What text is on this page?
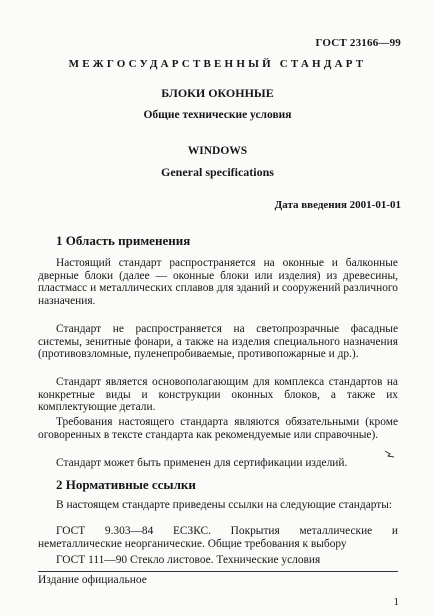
ГОСТ 23166—99
МЕЖГОСУДАРСТВЕННЫЙ СТАНДАРТ
БЛОКИ ОКОННЫЕ
Общие технические условия
WINDOWS
General specifications
Дата введения 2001-01-01
1 Область применения
Настоящий стандарт распространяется на оконные и балконные дверные блоки (далее — оконные блоки или изделия) из древесины, пластмасс и металлических сплавов для зданий и сооружений различного назначения.
Стандарт не распространяется на светопрозрачные фасадные системы, зенитные фонари, а также на изделия специального назначения (противовзломные, пуленепробиваемые, противопожарные и др.).
Стандарт является основополагающим для комплекса стандартов на конкретные виды и конструкции оконных блоков, а также их комплектующие детали.
Требования настоящего стандарта являются обязательными (кроме оговоренных в тексте стандарта как рекомендуемые или справочные).
Стандарт может быть применен для сертификации изделий.
2 Нормативные ссылки
В настоящем стандарте приведены ссылки на следующие стандарты:
ГОСТ 9.303—84 ЕСЗКС. Покрытия металлические и неметаллические неорганические. Общие требования к выбору
ГОСТ 111—90 Стекло листовое. Технические условия
Издание официальное
1
